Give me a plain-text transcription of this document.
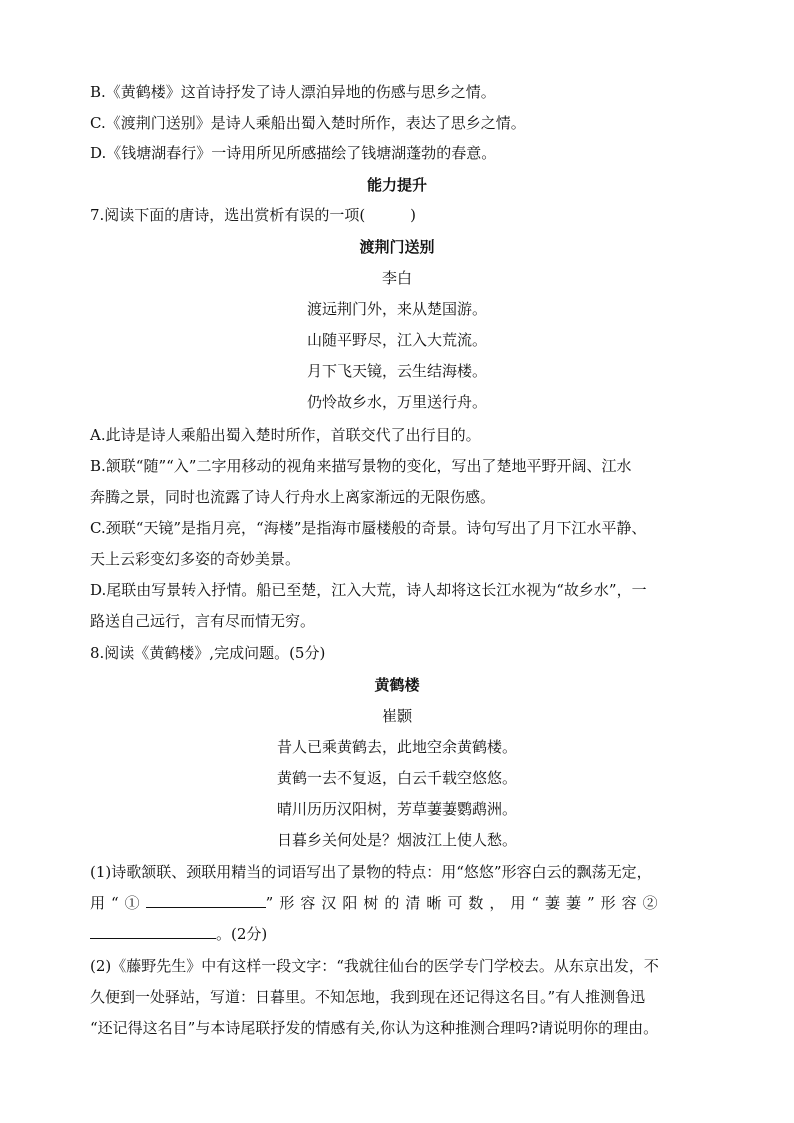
B.《黄鹤楼》这首诗抒发了诗人漂泊异地的伤感与思乡之情。
C.《渡荆门送别》是诗人乘船出蜀入楚时所作，表达了思乡之情。
D.《钱塘湖春行》一诗用所见所感描绘了钱塘湖蓬勃的春意。
能力提升
7.阅读下面的唐诗，选出赏析有误的一项(　　　)
渡荆门送别
李白
渡远荆门外，来从楚国游。
山随平野尽，江入大荒流。
月下飞天镜，云生结海楼。
仍怜故乡水，万里送行舟。
A.此诗是诗人乘船出蜀入楚时所作，首联交代了出行目的。
B.颔联“随”“入”二字用移动的视角来描写景物的变化，写出了楚地平野开阔、江水
奔腾之景，同时也流露了诗人行舟水上离家渐远的无限伤感。
C.颈联“天镜”是指月亮，“海楼”是指海市蜃楼般的奇景。诗句写出了月下江水平静、
天上云彩变幻多姿的奇妙美景。
D.尾联由写景转入抒情。船已至楚，江入大荒，诗人却将这长江水视为“故乡水”，一
路送自己远行，言有尽而情无穷。
8.阅读《黄鹤楼》,完成问题。(5分)
黄鹤楼
崔颢
昔人已乘黄鹤去，此地空余黄鹤楼。
黄鹤一去不复返，白云千载空悠悠。
晴川历历汉阳树，芳草萋萋鹦鹉洲。
日暮乡关何处是？烟波江上使人愁。
(1)诗歌颔联、颈联用精当的词语写出了景物的特点：用“悠悠”形容白云的飘荡无定，
用“①	”形容汉阳树的清晰可数，用“萋萋”形容②
。(2分)
(2)《藤野先生》中有这样一段文字：“我就往仙台的医学专门学校去。从东京出发，不
久便到一处驿站，写道：日暮里。不知怎地，我到现在还记得这名目。”有人推测鲁迅
“还记得这名目”与本诗尾联抒发的情感有关,你认为这种推测合理吗?请说明你的理由。
